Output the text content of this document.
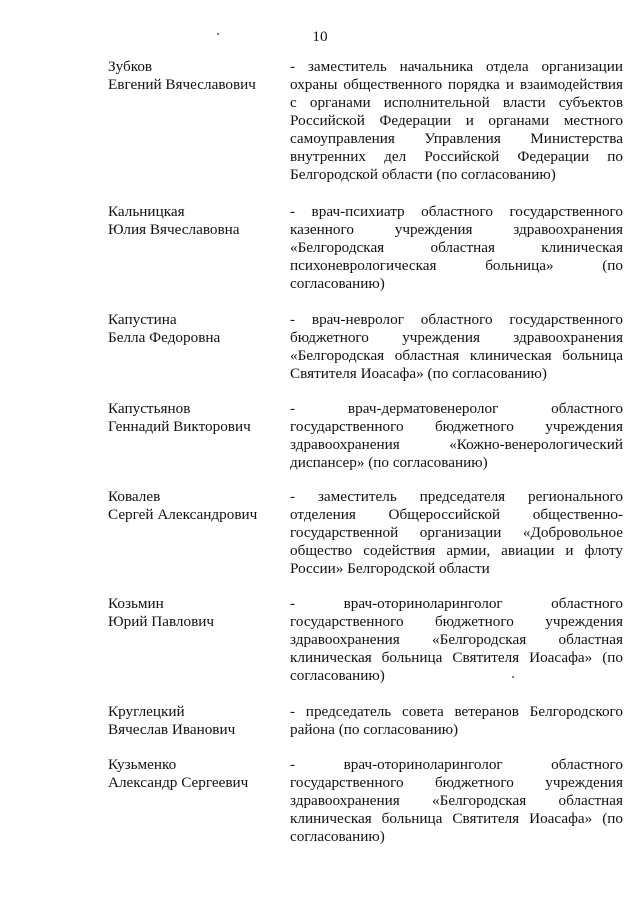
10
Зубков
Евгений Вячеславович

- заместитель начальника отдела организации охраны общественного порядка и взаимодействия с органами исполнительной власти субъектов Российской Федерации и органами местного самоуправления Управления Министерства внутренних дел Российской Федерации по Белгородской области (по согласованию)

Кальницкая
Юлия Вячеславовна

- врач-психиатр областного государственного казенного учреждения здравоохранения «Белгородская областная клиническая психоневрологическая больница» (по согласованию)

Капустина
Белла Федоровна

- врач-невролог областного государственного бюджетного учреждения здравоохранения «Белгородская областная клиническая больница Святителя Иоасафа» (по согласованию)

Капустьянов
Геннадий Викторович

- врач-дерматовенеролог областного государственного бюджетного учреждения здравоохранения «Кожно-венерологический диспансер» (по согласованию)

Ковалев
Сергей Александрович

- заместитель председателя регионального отделения Общероссийской общественно-государственной организации «Добровольное общество содействия армии, авиации и флоту России» Белгородской области

Козьмин
Юрий Павлович

- врач-оториноларинголог областного государственного бюджетного учреждения здравоохранения «Белгородская областная клиническая больница Святителя Иоасафа» (по согласованию)

Круглецкий
Вячеслав Иванович

- председатель совета ветеранов Белгородского района (по согласованию)

Кузьменко
Александр Сергеевич

- врач-оториноларинголог областного государственного бюджетного учреждения здравоохранения «Белгородская областная клиническая больница Святителя Иоасафа» (по согласованию)
